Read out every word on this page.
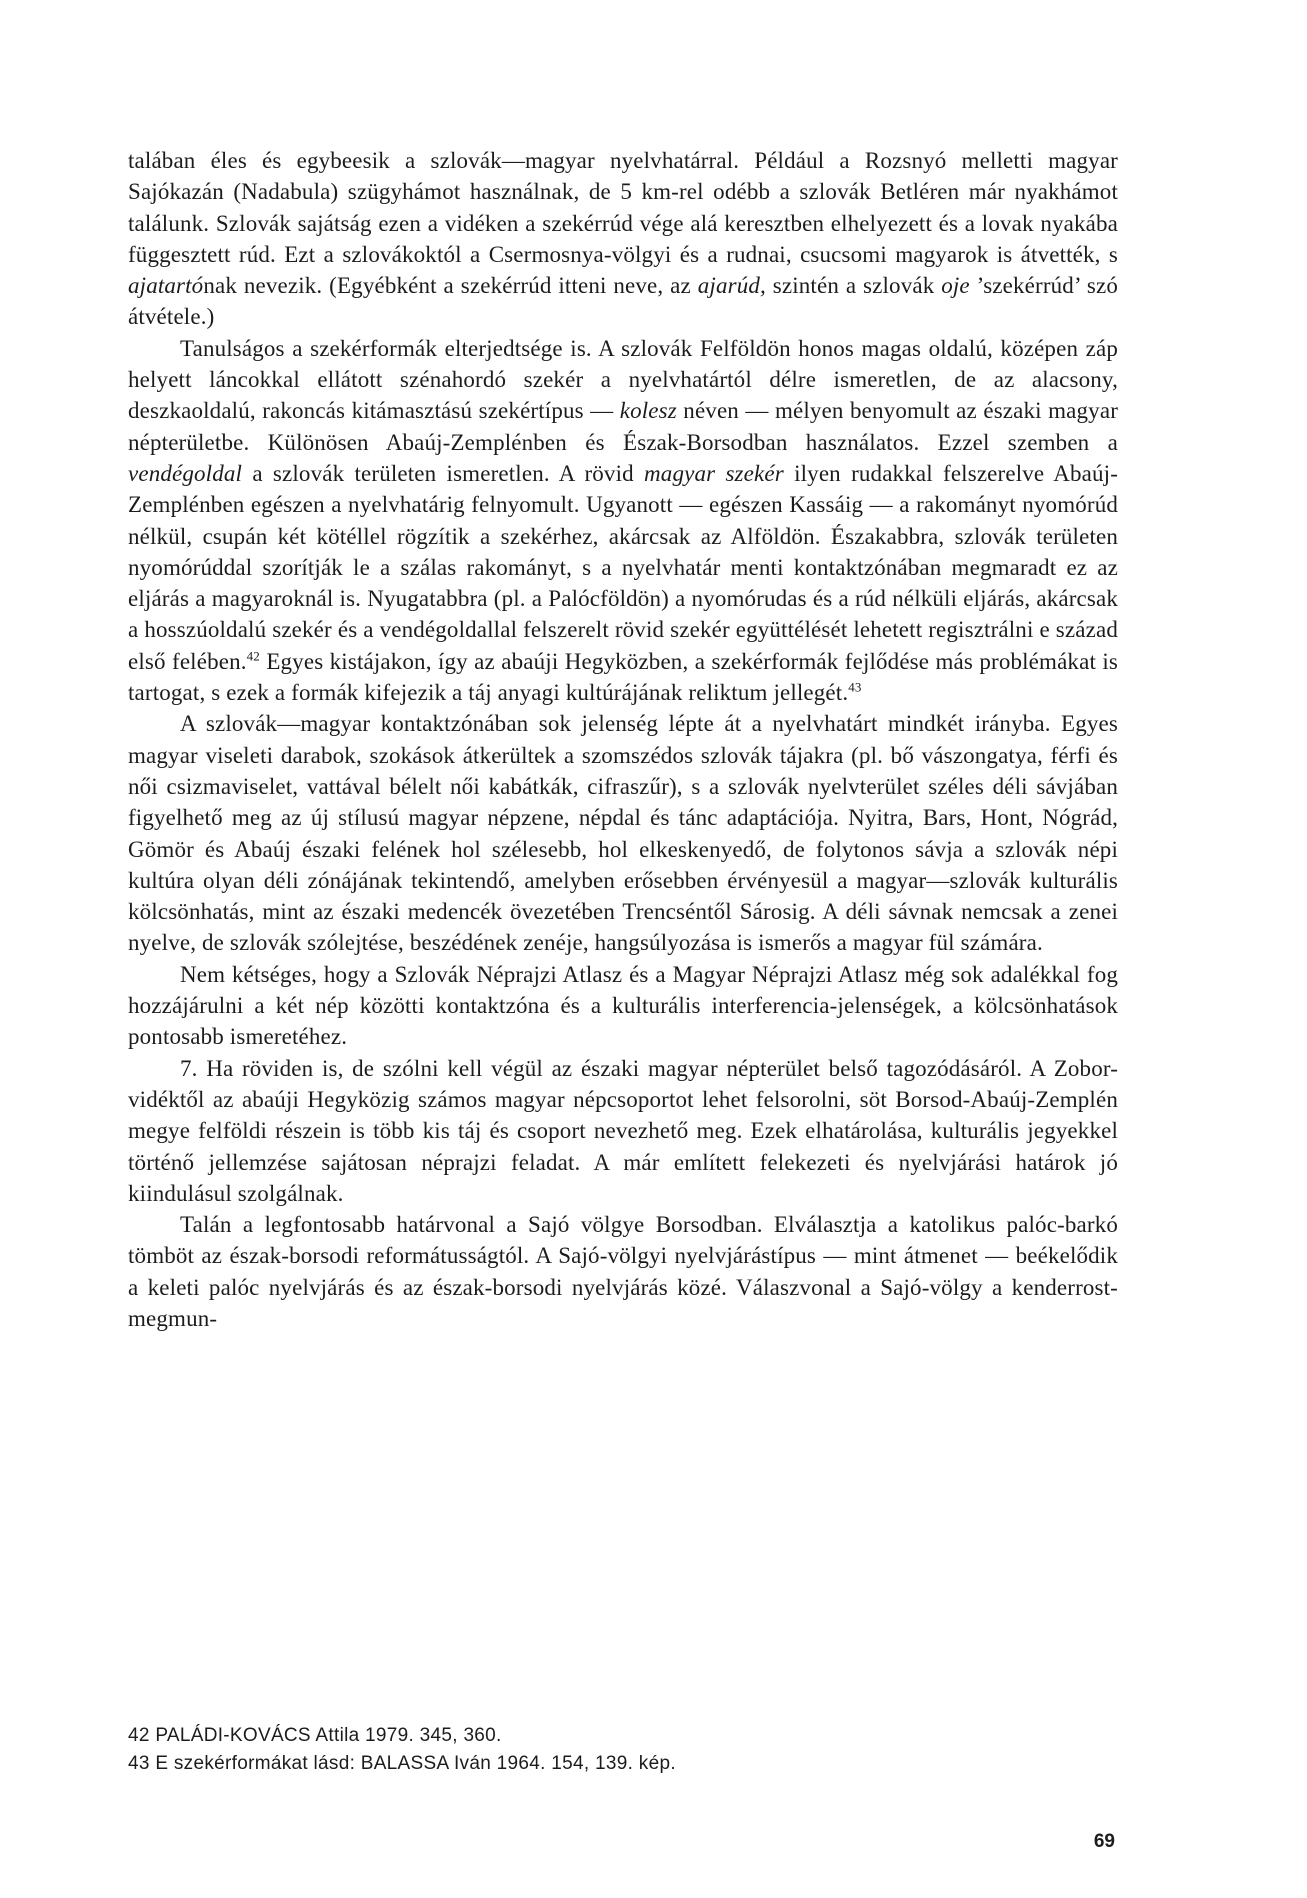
talában éles és egybeesik a szlovák—magyar nyelvhatárral. Például a Rozsnyó melletti magyar Sajókazán (Nadabula) szügyhámot használnak, de 5 km-rel odébb a szlovák Betléren már nyakhámot találunk. Szlovák sajátság ezen a vidéken a szekérrúd vége alá keresztben elhelyezett és a lovak nyakába függesztett rúd. Ezt a szlovákoktól a Csermosnya-völgyi és a rudnai, csucsomi magyarok is átvették, s ajatartónak nevezik. (Egyébként a szekérrúd itteni neve, az ajarúd, szintén a szlovák oje ’szekérrúd’ szó átvétele.)

Tanulságos a szekérformák elterjedtsége is. A szlovák Felföldön honos magas oldalú, középen záp helyett láncokkal ellátott szénahordó szekér a nyelvhatártól délre ismeretlen, de az alacsony, deszkaoldalú, rakoncás kitámasztású szekértípus — kolesz néven — mélyen benyomult az északi magyar népterületbe. Különösen Abaúj-Zemplénben és Észak-Borsodban használatos. Ezzel szemben a vendégoldal a szlovák területen ismeretlen. A rövid magyar szekér ilyen rudakkal felszerelve Abaúj-Zemplénben egészen a nyelvhatárig felnyomult. Ugyanott — egészen Kassáig — a rakományt nyomórúd nélkül, csupán két kötéllel rögzítik a szekérhez, akárcsak az Alföldön. Északabbra, szlovák területen nyomórúddal szorítják le a szálas rakományt, s a nyelvhatár menti kontaktzónában megmaradt ez az eljárás a magyaroknál is. Nyugatabbra (pl. a Palócföldön) a nyomórudas és a rúd nélküli eljárás, akárcsak a hosszúoldalú szekér és a vendégoldallal felszerelt rövid szekér együttélését lehetett regisztrálni e század első felében.$^{42}$ Egyes kistájakon, így az abaúji Hegyközben, a szekérformák fejlődése más problémákat is tartogat, s ezek a formák kifejezik a táj anyagi kultúrájának reliktum jellegét.$^{43}$

A szlovák—magyar kontaktzónában sok jelenség lépte át a nyelvhatárt mindkét irányba. Egyes magyar viseleti darabok, szokások átkerültek a szomszédos szlovák tájakra (pl. bő vászongatya, férfi és női csizmaviselet, vattával bélelt női kabátkák, cifraszűr), s a szlovák nyelvterület széles déli sávjában figyelhető meg az új stílusú magyar népzene, népdal és tánc adaptációja. Nyitra, Bars, Hont, Nógrád, Gömör és Abaúj északi felének hol szélesebb, hol elkeskenyedő, de folytonos sávja a szlovák népi kultúra olyan déli zónájának tekintendő, amelyben erősebben érvényesül a magyar—szlovák kulturális kölcsönhatás, mint az északi medencék övezetében Trencséntől Sárosig. A déli sávnak nemcsak a zenei nyelve, de szlovák szólejtése, beszédének zenéje, hangsúlyozása is ismerős a magyar fül számára.

Nem kétséges, hogy a Szlovák Néprajzi Atlasz és a Magyar Néprajzi Atlasz még sok adalékkal fog hozzájárulni a két nép közötti kontaktzóna és a kulturális interferencia-jelenségek, a kölcsönhatások pontosabb ismeretéhez.

7. Ha röviden is, de szólni kell végül az északi magyar népterület belső tagozódásáról. A Zobor-vidéktől az abaúji Hegyközig számos magyar népcsoportot lehet felsorolni, söt Borsod-Abaúj-Zemplén megye felföldi részein is több kis táj és csoport nevezhető meg. Ezek elhatárolása, kulturális jegyekkel történő jellemzése sajátosan néprajzi feladat. A már említett felekezeti és nyelvjárási határok jó kiindulásul szolgálnak.

Talán a legfontosabb határvonal a Sajó völgye Borsodban. Elválasztja a katolikus palóc-barkó tömböt az észak-borsodi reformátusságtól. A Sajó-völgyi nyelvjárástípus — mint átmenet — beékelődik a keleti palóc nyelvjárás és az észak-borsodi nyelvjárás közé. Válaszvonal a Sajó-völgy a kenderrost-megmun-

42 PALÁDI-KOVÁCS Attila 1979. 345, 360.

43 E szekérformákat lásd: BALASSA Iván 1964. 154, 139. kép.

69
